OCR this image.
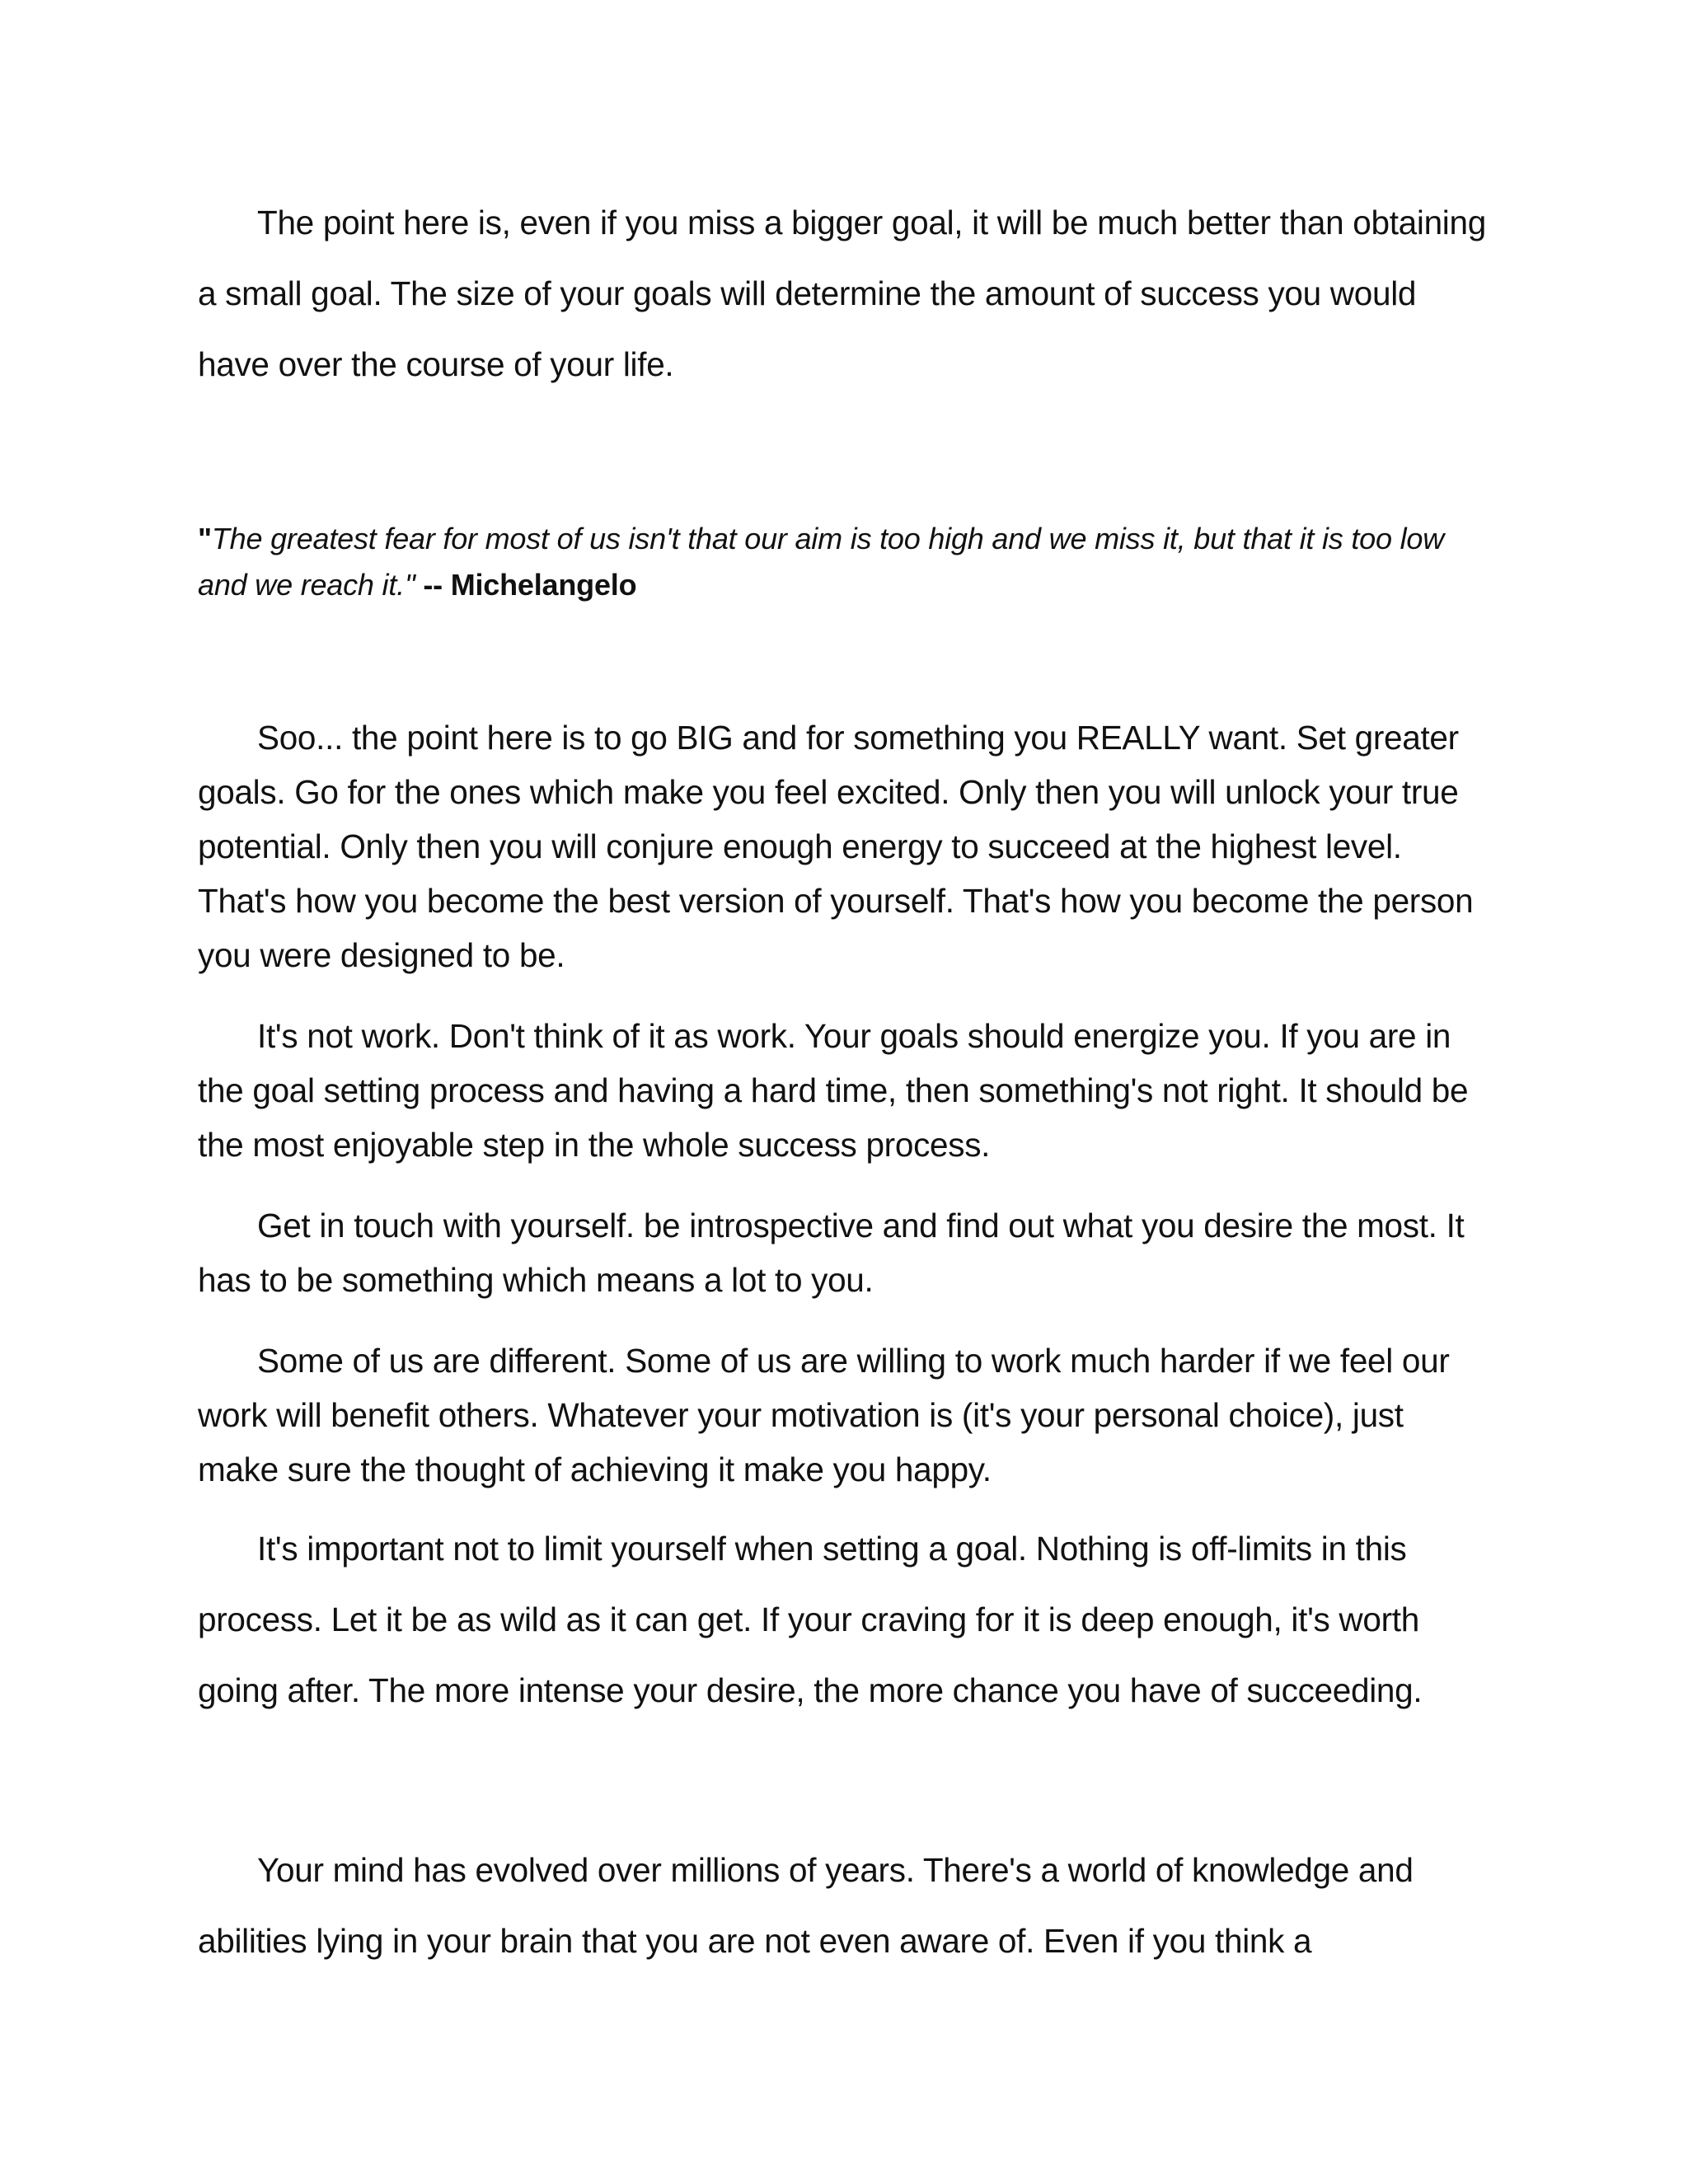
The point here is, even if you miss a bigger goal, it will be much better than obtaining a small goal. The size of your goals will determine the amount of success you would have over the course of your life.

"The greatest fear for most of us isn't that our aim is too high and we miss it, but that it is too low and we reach it." -- Michelangelo

Soo... the point here is to go BIG and for something you REALLY want. Set greater goals. Go for the ones which make you feel excited. Only then you will unlock your true potential. Only then you will conjure enough energy to succeed at the highest level. That's how you become the best version of yourself. That's how you become the person you were designed to be.

It's not work. Don't think of it as work. Your goals should energize you. If you are in the goal setting process and having a hard time, then something's not right. It should be the most enjoyable step in the whole success process.

Get in touch with yourself. be introspective and find out what you desire the most. It has to be something which means a lot to you.

Some of us are different. Some of us are willing to work much harder if we feel our work will benefit others. Whatever your motivation is (it's your personal choice), just make sure the thought of achieving it make you happy.

It's important not to limit yourself when setting a goal. Nothing is off-limits in this process. Let it be as wild as it can get. If your craving for it is deep enough, it's worth going after. The more intense your desire, the more chance you have of succeeding.

Your mind has evolved over millions of years. There's a world of knowledge and abilities lying in your brain that you are not even aware of. Even if you think a
